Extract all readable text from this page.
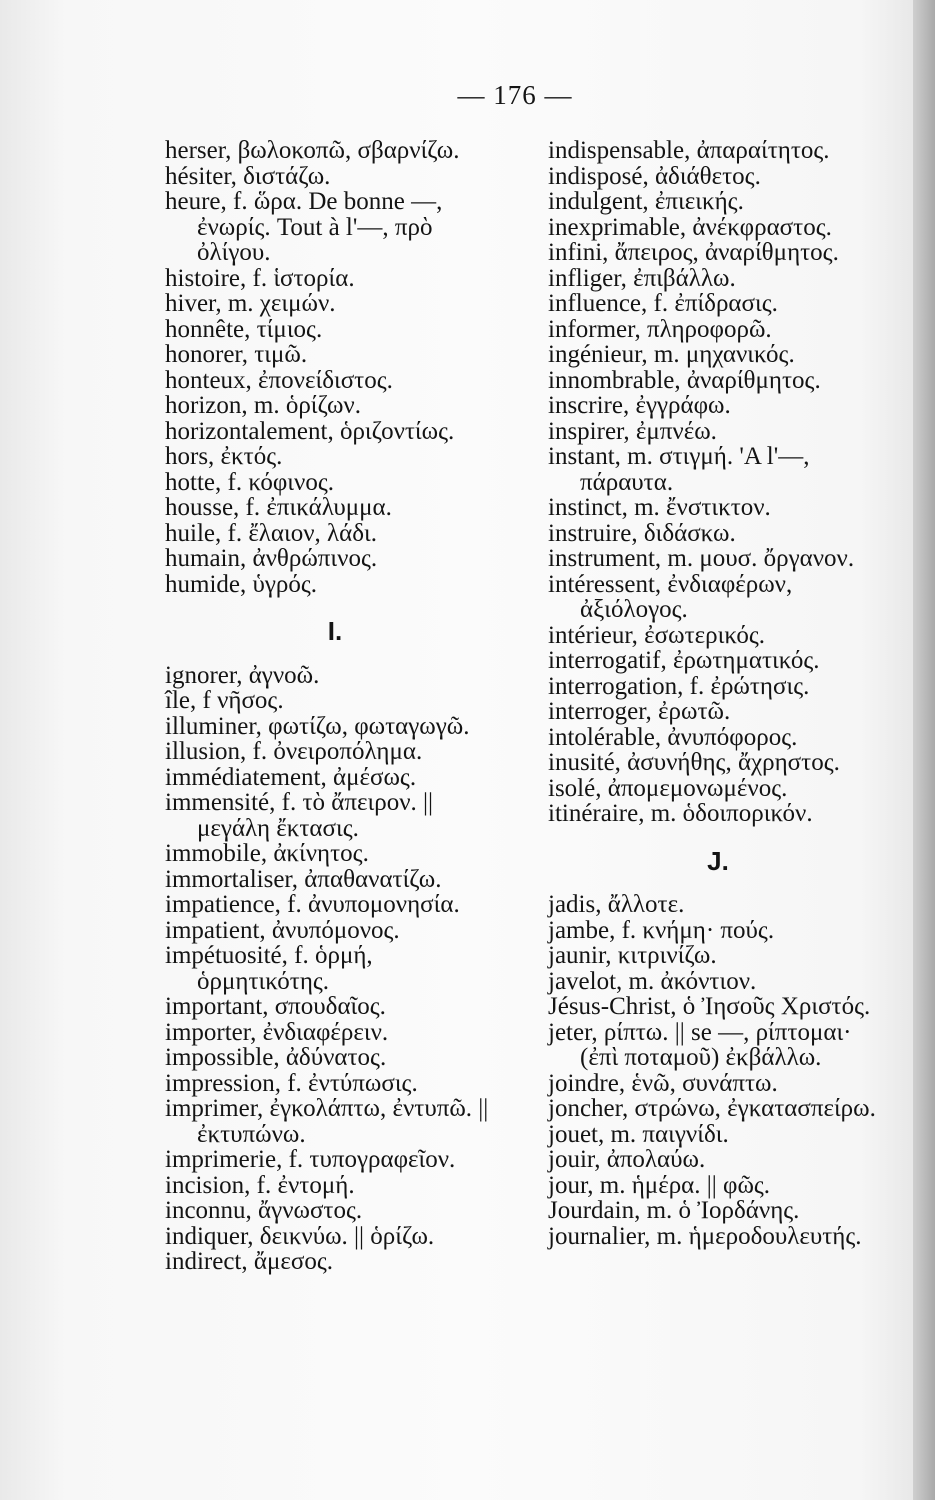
— 176 —

herser, βωλοκοπῶ, σβαρνίζω.

hésiter, διστάζω.

heure, f. ὥρα. De bonne —, ἐνωρίς. Tout à l'—, πρὸ ὀλίγου.

histoire, f. ἱστορία.

hiver, m. χειμών.

honnête, τίμιος.

honorer, τιμῶ.

honteux, ἐπονείδιστος.

horizon, m. ὁρίζων.

horizontalement, ὁριζοντίως.

hors, ἐκτός.

hotte, f. κόφινος.

housse, f. ἐπικάλυμμα.

huile, f. ἔλαιον, λάδι.

humain, ἀνθρώπινος.

humide, ὑγρός.

I.

ignorer, ἀγνοῶ.

île, f νῆσος.

illuminer, φωτίζω, φωταγωγῶ.

illusion, f. ὀνειροπόλημα.

immédiatement, ἀμέσως.

immensité, f. τὸ ἄπειρον. || μεγάλη ἔκτασις.

immobile, ἀκίνητος.

immortaliser, ἀπαθανατίζω.

impatience, f. ἀνυπομονησία.

impatient, ἀνυπόμονος.

impétuosité, f. ὁρμή, ὁρμητικότης.

important, σπουδαῖος.

importer, ἐνδιαφέρειν.

impossible, ἀδύνατος.

impression, f. ἐντύπωσις.

imprimer, ἐγκολάπτω, ἐντυπῶ. || ἐκτυπώνω.

imprimerie, f. τυπογραφεῖον.

incision, f. ἐντομή.

inconnu, ἄγνωστος.

indiquer, δεικνύω. || ὁρίζω.

indirect, ἄμεσος.

indispensable, ἀπαραίτητος.

indisposé, ἀδιάθετος.

indulgent, ἐπιεικής.

inexprimable, ἀνέκφραστος.

infini, ἄπειρος, ἀναρίθμητος.

infliger, ἐπιβάλλω.

influence, f. ἐπίδρασις.

informer, πληροφορῶ.

ingénieur, m. μηχανικός.

innombrable, ἀναρίθμητος.

inscrire, ἐγγράφω.

inspirer, ἐμπνέω.

instant, m. στιγμή. 'A l'—, πάραυτα.

instinct, m. ἔνστικτον.

instruire, διδάσκω.

instrument, m. μουσ. ὄργανον.

intéressent, ἐνδιαφέρων, ἀξιόλογος.

intérieur, ἐσωτερικός.

interrogatif, ἐρωτηματικός.

interrogation, f. ἐρώτησις.

interroger, ἐρωτῶ.

intolérable, ἀνυπόφορος.

inusité, ἀσυνήθης, ἄχρηστος.

isolé, ἀπομεμονωμένος.

itinéraire, m. ὁδοιπορικόν.

J.

jadis, ἄλλοτε.

jambe, f. κνήμη· πούς.

jaunir, κιτρινίζω.

javelot, m. ἀκόντιον.

Jésus-Christ, ὁ Ἰησοῦς Χριστός.

jeter, ρίπτω. || se —, ρίπτομαι· (ἐπὶ ποταμοῦ) ἐκβάλλω.

joindre, ἑνῶ, συνάπτω.

joncher, στρώνω, ἐγκατασπείρω.

jouet, m. παιγνίδι.

jouir, ἀπολαύω.

jour, m. ἡμέρα. || φῶς.

Jourdain, m. ὁ Ἰορδάνης.

journalier, m. ἡμεροδουλευτής.
